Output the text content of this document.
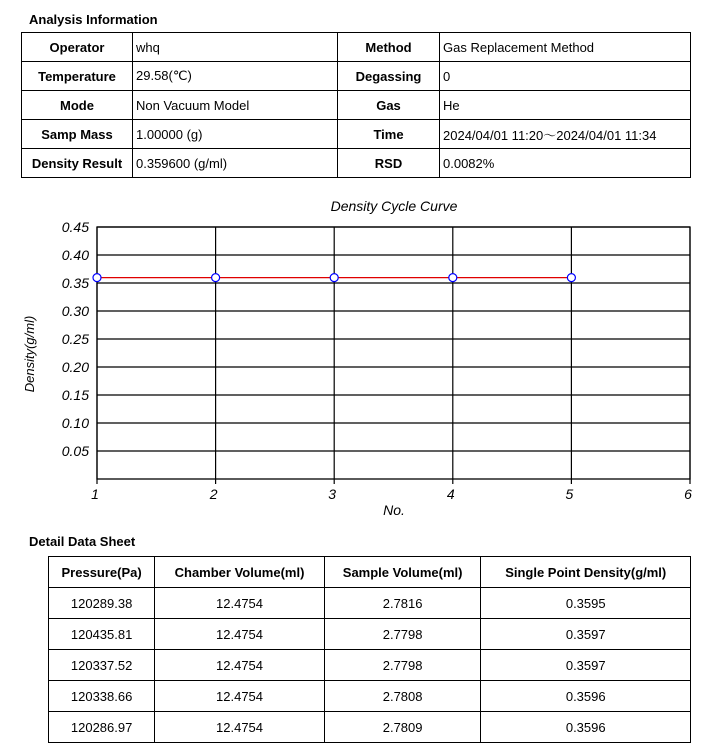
Analysis Information
Operator	whq	Method	Gas Replacement Method
Temperature	29.58(℃)	Degassing	0
Mode	Non Vacuum Model	Gas	He
Samp Mass	1.00000 (g)	Time	2024/04/01 11:20～2024/04/01 11:34
Density Result	0.359600 (g/ml)	RSD	0.0082%
Density Cycle Curve
Density(g/ml)
No.
0.05
0.10
0.15
0.20
0.25
0.30
0.35
0.40
0.45
1	2	3	4	5	6
Detail Data Sheet
Pressure(Pa)	Chamber Volume(ml)	Sample Volume(ml)	Single Point Density(g/ml)
120289.38	12.4754	2.7816	0.3595
120435.81	12.4754	2.7798	0.3597
120337.52	12.4754	2.7798	0.3597
120338.66	12.4754	2.7808	0.3596
120286.97	12.4754	2.7809	0.3596
